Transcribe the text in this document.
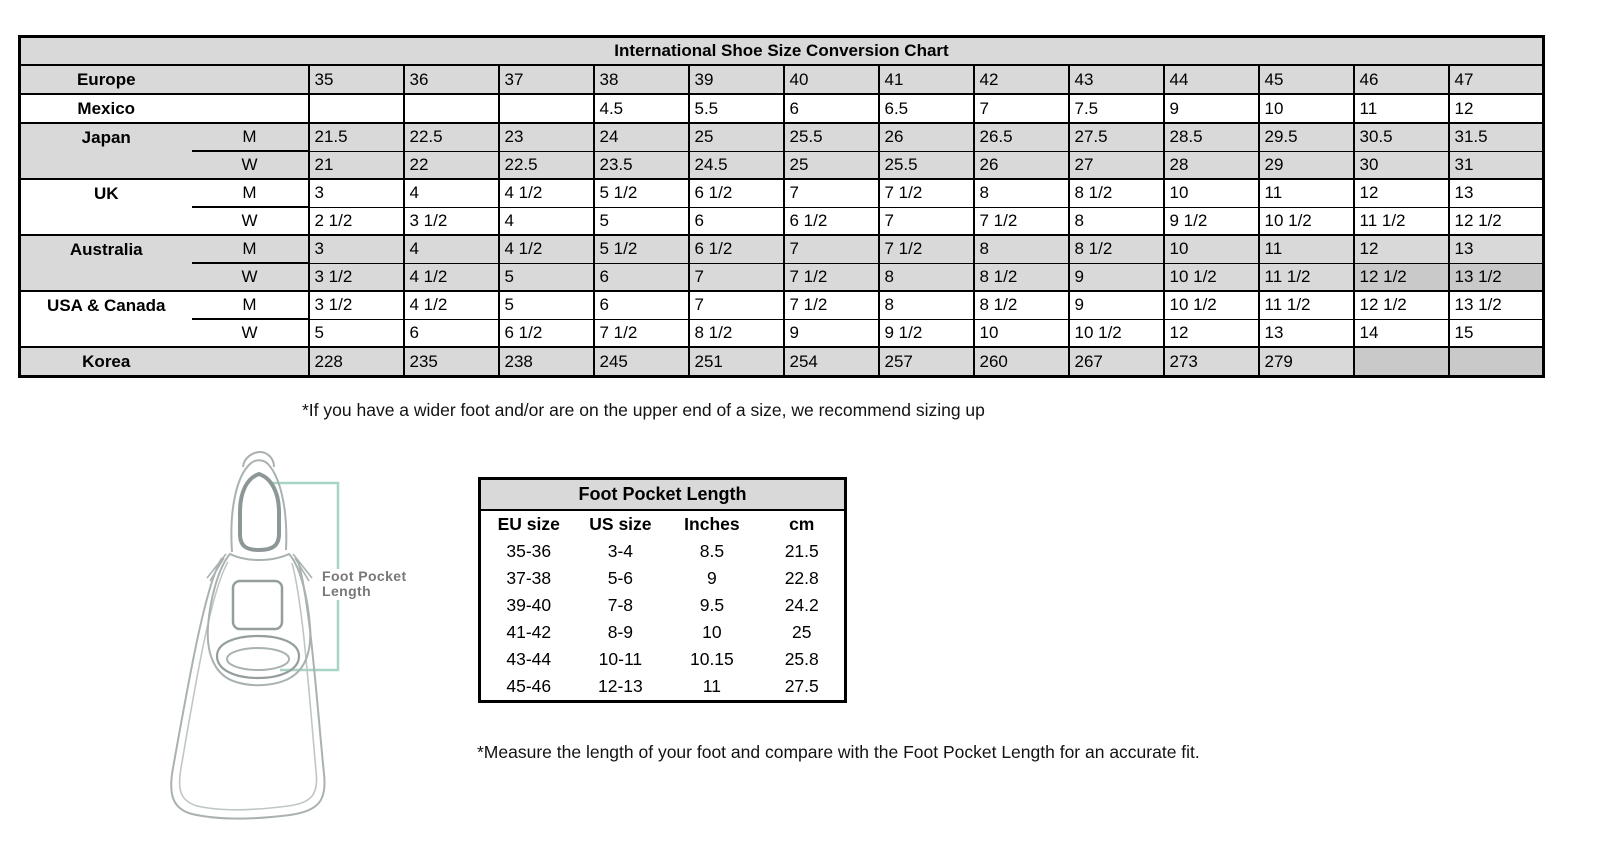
International Shoe Size Conversion Chart														
Europe		35	36	37	38	39	40	41	42	43	44	45	46	47
Mexico					4.5	5.5	6	6.5	7	7.5	9	10	11	12
Japan	M	21.5	22.5	23	24	25	25.5	26	26.5	27.5	28.5	29.5	30.5	31.5
	W	21	22	22.5	23.5	24.5	25	25.5	26	27	28	29	30	31
UK	M	3	4	4 1/2	5 1/2	6 1/2	7	7 1/2	8	8 1/2	10	11	12	13
	W	2 1/2	3 1/2	4	5	6	6 1/2	7	7 1/2	8	9 1/2	10 1/2	11 1/2	12 1/2
Australia	M	3	4	4 1/2	5 1/2	6 1/2	7	7 1/2	8	8 1/2	10	11	12	13
	W	3 1/2	4 1/2	5	6	7	7 1/2	8	8 1/2	9	10 1/2	11 1/2	12 1/2	13 1/2
USA & Canada	M	3 1/2	4 1/2	5	6	7	7 1/2	8	8 1/2	9	10 1/2	11 1/2	12 1/2	13 1/2
	W	5	6	6 1/2	7 1/2	8 1/2	9	9 1/2	10	10 1/2	12	13	14	15
Korea		228	235	238	245	251	254	257	260	267	273	279		
*If you have a wider foot and/or are on the upper end of a size, we recommend sizing up
Foot Pocket
Length
Foot Pocket Length			
EU size	US size	Inches	cm
35-36	3-4	8.5	21.5
37-38	5-6	9	22.8
39-40	7-8	9.5	24.2
41-42	8-9	10	25
43-44	10-11	10.15	25.8
45-46	12-13	11	27.5
*Measure the length of your foot and compare with the Foot Pocket Length for an accurate fit.
